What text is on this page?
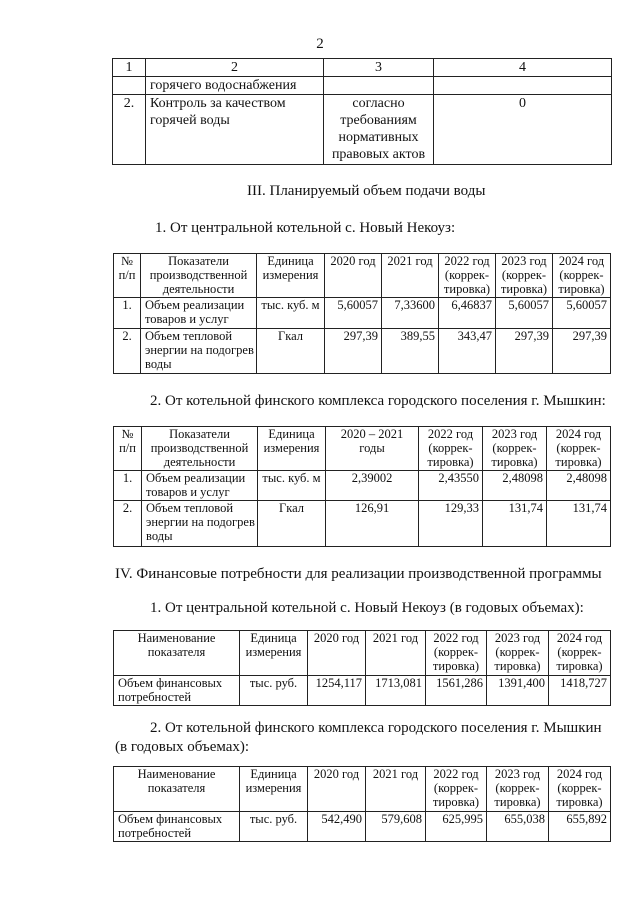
2
1	2	3	4
	горячего водоснабжения		
2.	Контроль за качеством горячей воды	согласно требованиям нормативных правовых актов	0
III. Планируемый объем подачи воды
1. От центральной котельной с. Новый Некоуз:
№ п/п	Показатели производственной деятельности	Единица измерения	2020 год	2021 год	2022 год (коррек-тировка)	2023 год (коррек-тировка)	2024 год (коррек-тировка)
1.	Объем реализации товаров и услуг	тыс. куб. м	5,60057	7,33600	6,46837	5,60057	5,60057
2.	Объем тепловой энергии на подогрев воды	Гкал	297,39	389,55	343,47	297,39	297,39
2. От котельной финского комплекса городского поселения г. Мышкин:
№ п/п	Показатели производственной деятельности	Единица измерения	2020 – 2021 годы	2022 год (коррек-тировка)	2023 год (коррек-тировка)	2024 год (коррек-тировка)
1.	Объем реализации товаров и услуг	тыс. куб. м	2,39002	2,43550	2,48098	2,48098
2.	Объем тепловой энергии на подогрев воды	Гкал	126,91	129,33	131,74	131,74
IV. Финансовые потребности для реализации производственной программы
1. От центральной котельной с. Новый Некоуз (в годовых объемах):
Наименование показателя	Единица измерения	2020 год	2021 год	2022 год (коррек-тировка)	2023 год (коррек-тировка)	2024 год (коррек-тировка)
Объем финансовых потребностей	тыс. руб.	1254,117	1713,081	1561,286	1391,400	1418,727
2. От котельной финского комплекса городского поселения г. Мышкин (в годовых объемах):
Наименование показателя	Единица измерения	2020 год	2021 год	2022 год (коррек-тировка)	2023 год (коррек-тировка)	2024 год (коррек-тировка)
Объем финансовых потребностей	тыс. руб.	542,490	579,608	625,995	655,038	655,892
